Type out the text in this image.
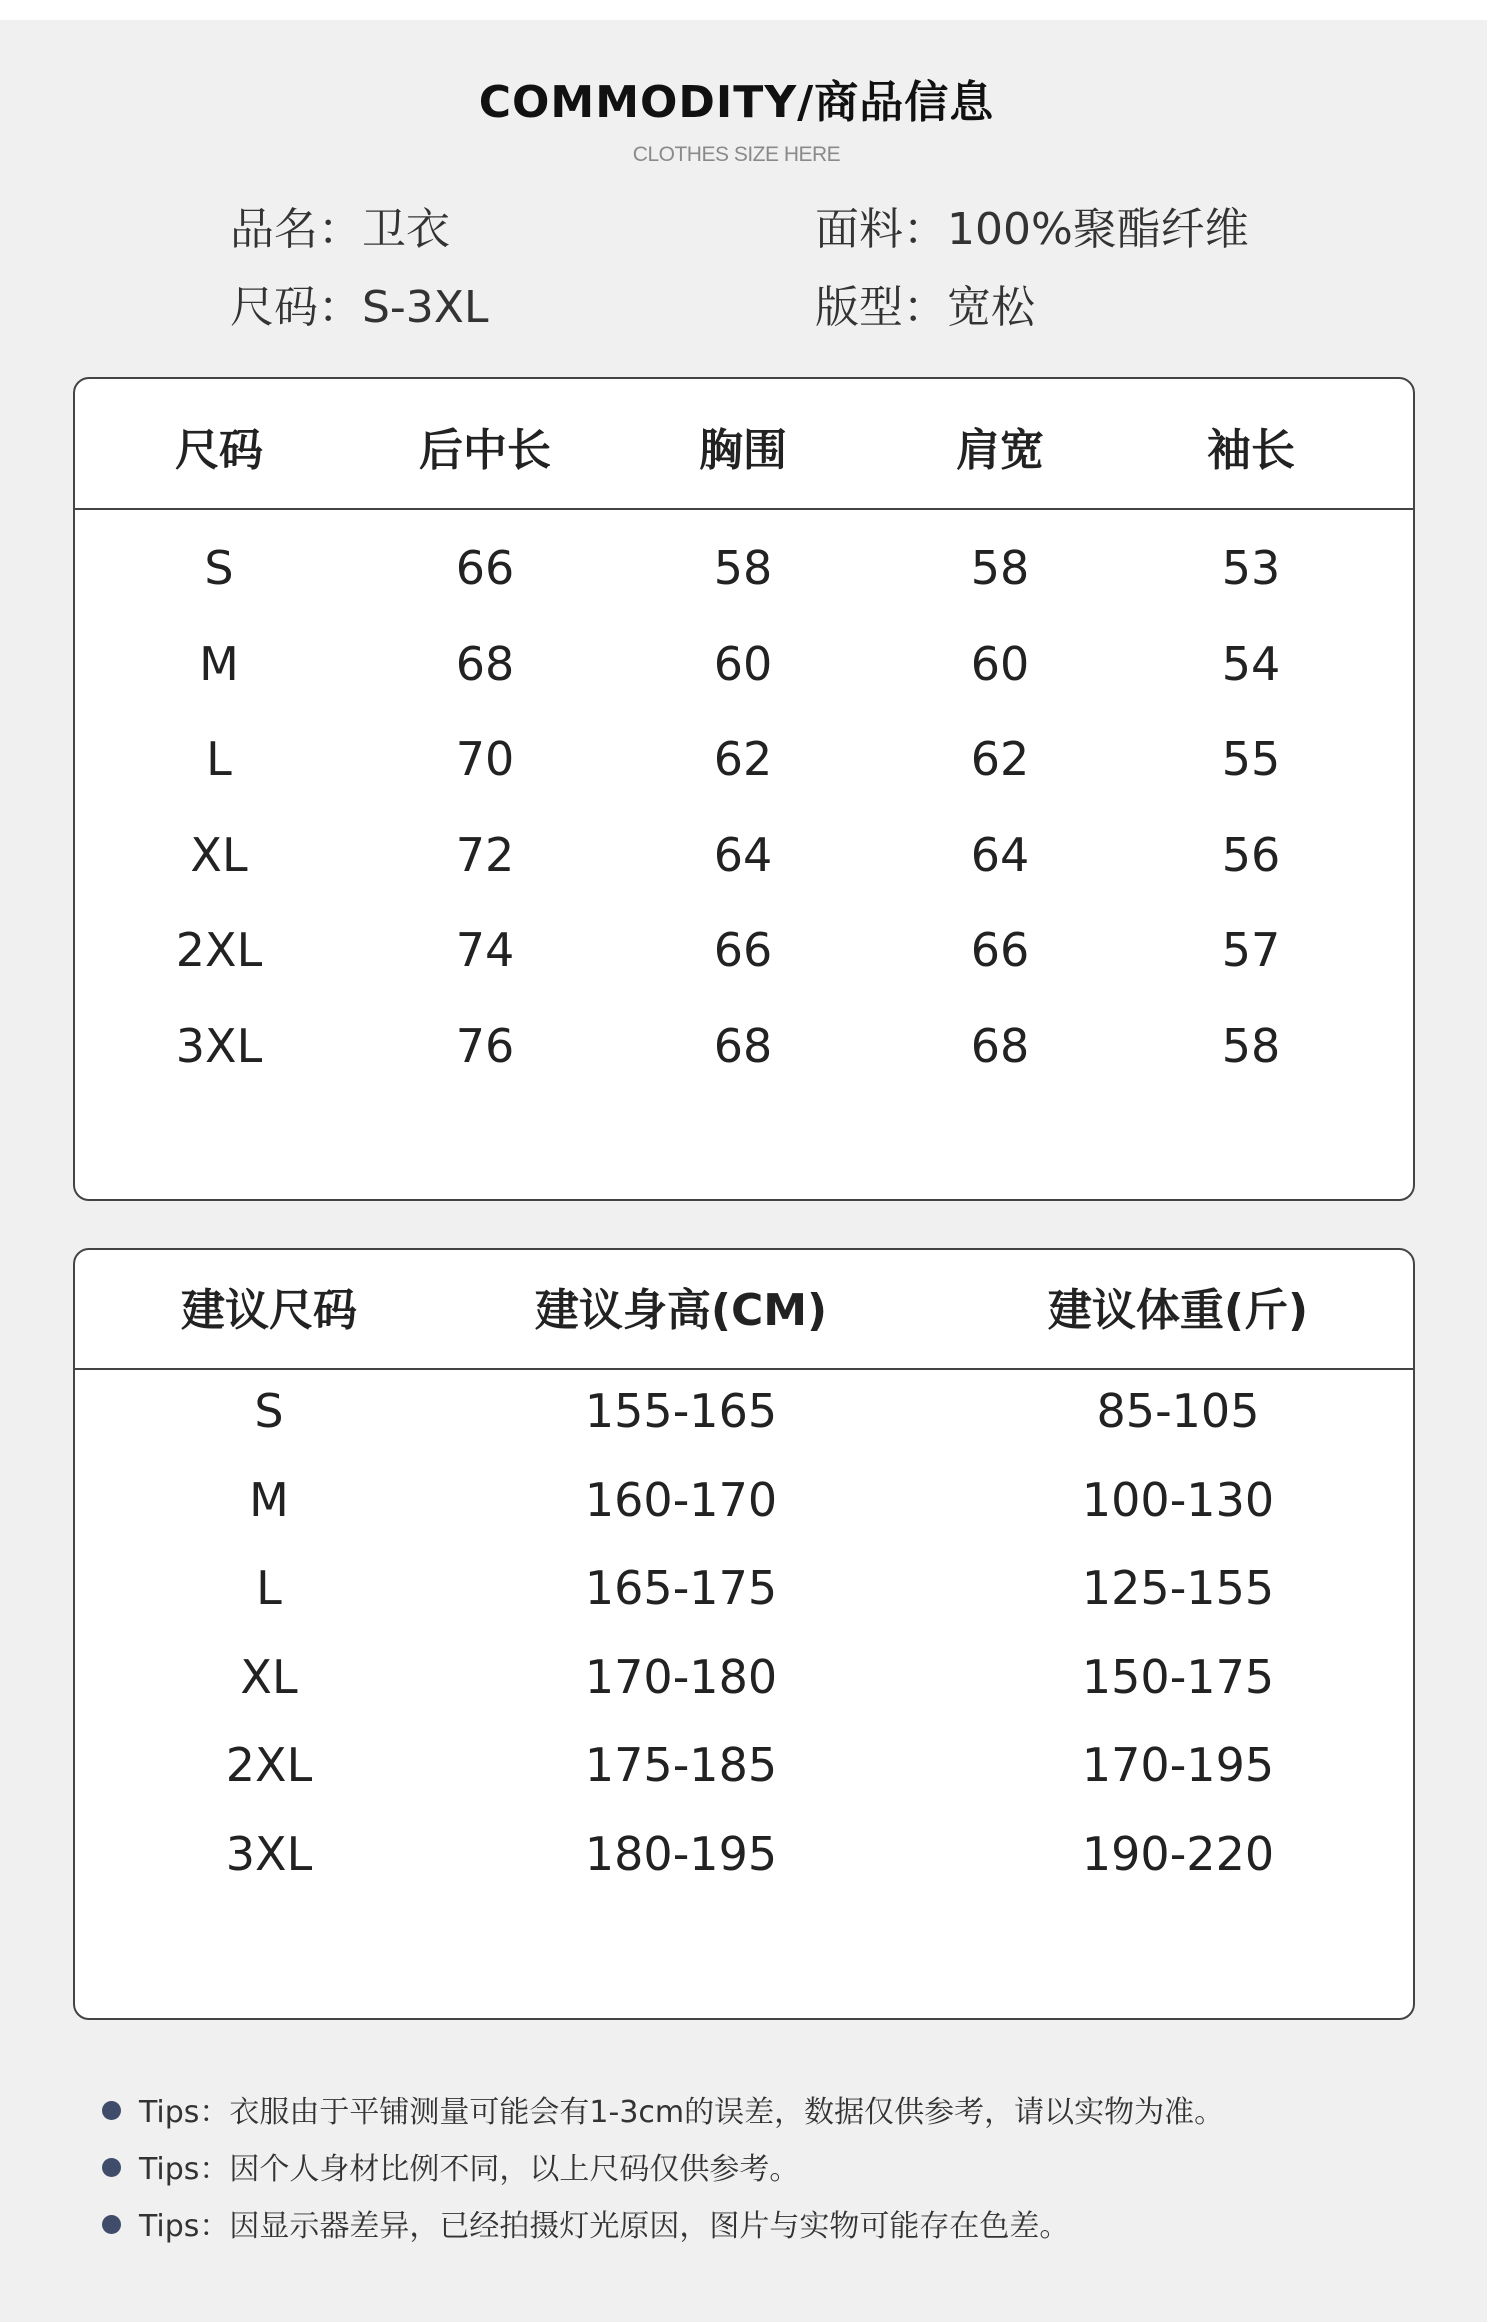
COMMODITY/商品信息
CLOTHES SIZE HERE
品名：卫衣
尺码：S-3XL
面料：100%聚酯纤维
版型：宽松
尺码	后中长	胸围	肩宽	袖长
S	66	58	58	53
M	68	60	60	54
L	70	62	62	55
XL	72	64	64	56
2XL	74	66	66	57
3XL	76	68	68	58
建议尺码	建议身高(CM)	建议体重(斤)
S	155-165	85-105
M	160-170	100-130
L	165-175	125-155
XL	170-180	150-175
2XL	175-185	170-195
3XL	180-195	190-220
Tips：衣服由于平铺测量可能会有1-3cm的误差，数据仅供参考，请以实物为准。
Tips：因个人身材比例不同，以上尺码仅供参考。
Tips：因显示器差异，已经拍摄灯光原因，图片与实物可能存在色差。
